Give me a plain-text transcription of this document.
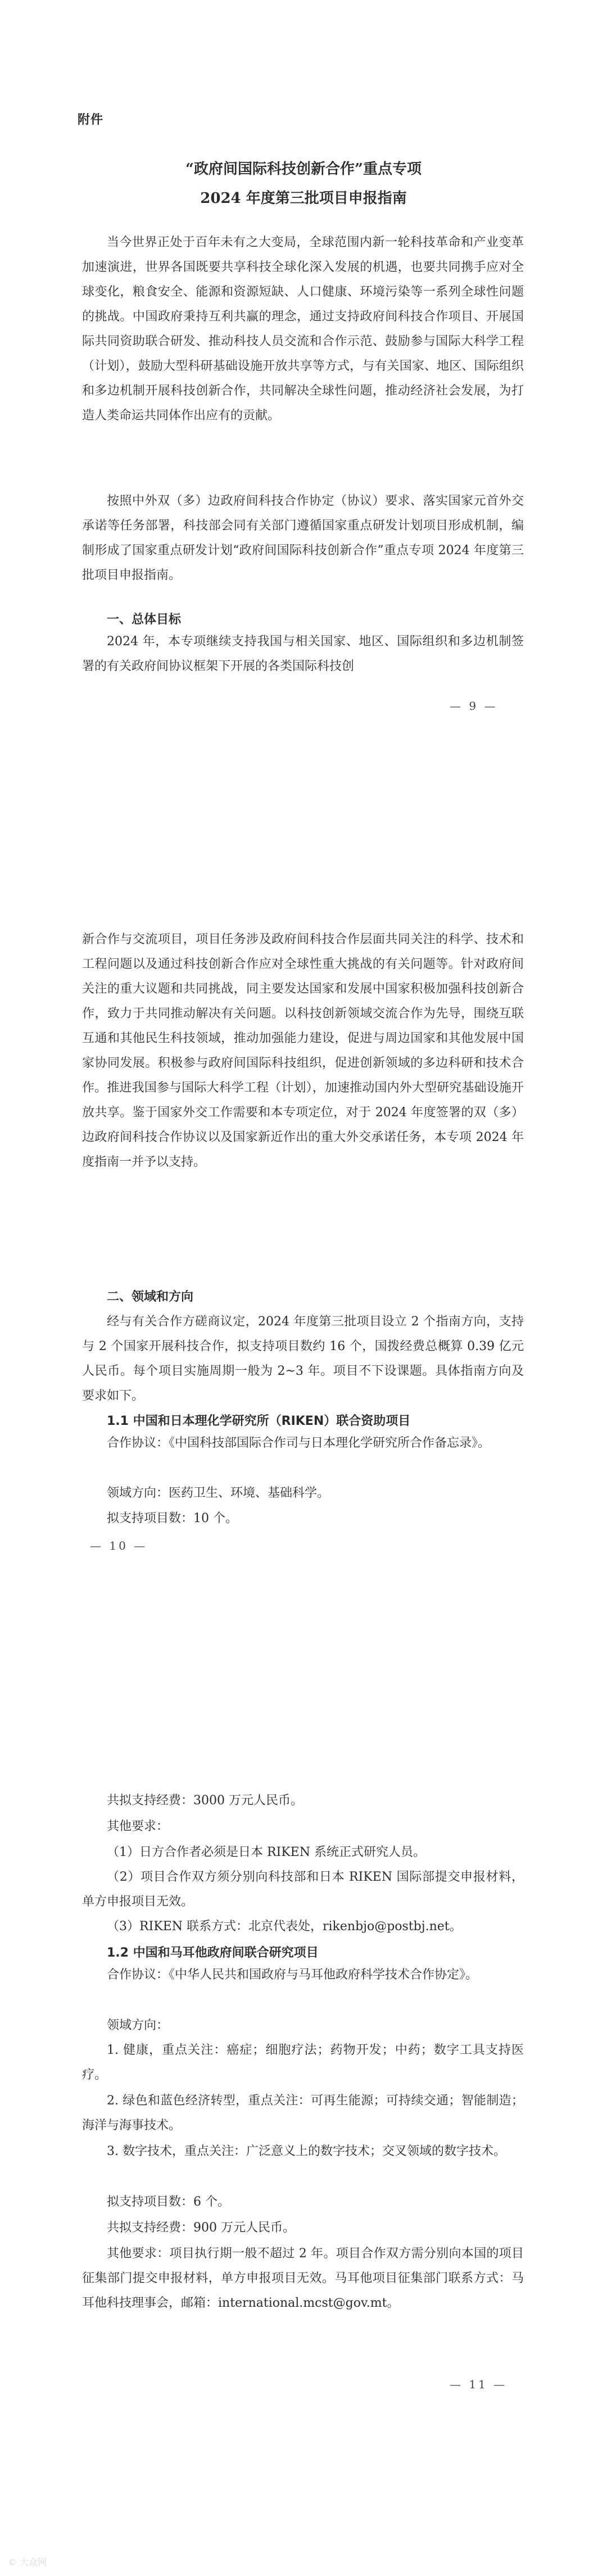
附件
“政府间国际科技创新合作”重点专项
2024 年度第三批项目申报指南

当今世界正处于百年未有之大变局，全球范围内新一轮科技革命和产业变革加速演进，世界各国既要共享科技全球化深入发展的机遇，也要共同携手应对全球变化，粮食安全、能源和资源短缺、人口健康、环境污染等一系列全球性问题的挑战。中国政府秉持互利共赢的理念，通过支持政府间科技合作项目、开展国际共同资助联合研发、推动科技人员交流和合作示范、鼓励参与国际大科学工程（计划），鼓励大型科研基础设施开放共享等方式，与有关国家、地区、国际组织和多边机制开展科技创新合作，共同解决全球性问题，推动经济社会发展，为打造人类命运共同体作出应有的贡献。

按照中外双（多）边政府间科技合作协定（协议）要求、落实国家元首外交承诺等任务部署，科技部会同有关部门遵循国家重点研发计划项目形成机制，编制形成了国家重点研发计划“政府间国际科技创新合作”重点专项 2024 年度第三批项目申报指南。

一、总体目标

2024 年，本专项继续支持我国与相关国家、地区、国际组织和多边机制签署的有关政府间协议框架下开展的各类国际科技创

— 9 —

新合作与交流项目，项目任务涉及政府间科技合作层面共同关注的科学、技术和工程问题以及通过科技创新合作应对全球性重大挑战的有关问题等。针对政府间关注的重大议题和共同挑战，同主要发达国家和发展中国家积极加强科技创新合作，致力于共同推动解决有关问题。以科技创新领域交流合作为先导，围绕互联互通和其他民生科技领域，推动加强能力建设，促进与周边国家和其他发展中国家协同发展。积极参与政府间国际科技组织，促进创新领域的多边科研和技术合作。推进我国参与国际大科学工程（计划），加速推动国内外大型研究基础设施开放共享。鉴于国家外交工作需要和本专项定位，对于 2024 年度签署的双（多）边政府间科技合作协议以及国家新近作出的重大外交承诺任务，本专项 2024 年度指南一并予以支持。

二、领域和方向

经与有关合作方磋商议定，2024 年度第三批项目设立 2 个指南方向，支持与 2 个国家开展科技合作，拟支持项目数约 16 个，国拨经费总概算 0.39 亿元人民币。每个项目实施周期一般为 2~3 年。项目不下设课题。具体指南方向及要求如下。

1.1 中国和日本理化学研究所（RIKEN）联合资助项目

合作协议：《中国科技部国际合作司与日本理化学研究所合作备忘录》。

领域方向：医药卫生、环境、基础科学。

拟支持项目数：10 个。

— 10 —

共拟支持经费：3000 万元人民币。

其他要求：

（1）日方合作者必须是日本 RIKEN 系统正式研究人员。

（2）项目合作双方须分别向科技部和日本 RIKEN 国际部提交申报材料，单方申报项目无效。

（3）RIKEN 联系方式：北京代表处，rikenbjo@postbj.net。

1.2 中国和马耳他政府间联合研究项目

合作协议：《中华人民共和国政府与马耳他政府科学技术合作协定》。

领域方向：

1. 健康，重点关注：癌症；细胞疗法；药物开发；中药；数字工具支持医疗。

2. 绿色和蓝色经济转型，重点关注：可再生能源；可持续交通；智能制造；海洋与海事技术。

3. 数字技术，重点关注：广泛意义上的数字技术；交叉领域的数字技术。

拟支持项目数：6 个。

共拟支持经费：900 万元人民币。

其他要求：项目执行期一般不超过 2 年。项目合作双方需分别向本国的项目征集部门提交申报材料，单方申报项目无效。马耳他项目征集部门联系方式：马耳他科技理事会，邮箱：international.mcst@gov.mt。

— 11 —
© 大众网
